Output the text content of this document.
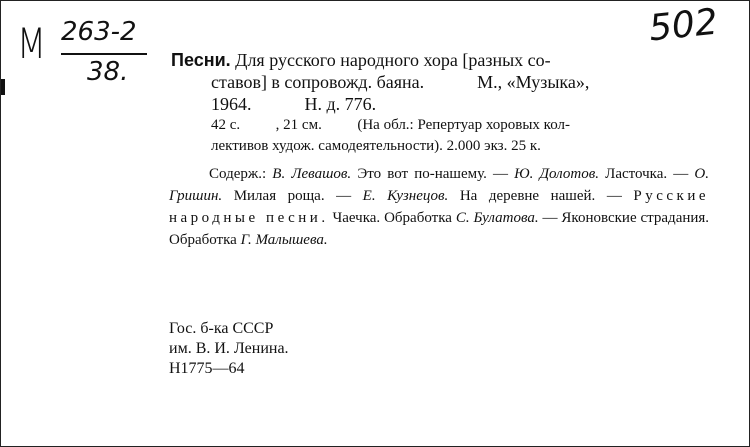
М 263-2
38.
502
Песни. Для русского народного хора [разных со-
ставов] в сопровожд. баяна.	М., «Музыка»,
1964.	Н. д. 776.
42 с. , 21 см. (На обл.: Репертуар хоровых кол-
лективов худож. самодеятельности). 2.000 экз. 25 к.
Содерж.: В. Левашов. Это вот по-нашему. — Ю. Долотов. Ласточка. — О. Гришин. Милая роща. — Е. Кузнецов. На деревне нашей. — Русские народные песни. Чаечка. Обработка С. Булатова. — Яконовские страдания. Обработка Г. Малышева.
Гос. б-ка СССР
им. В. И. Ленина.
Н1775—64
